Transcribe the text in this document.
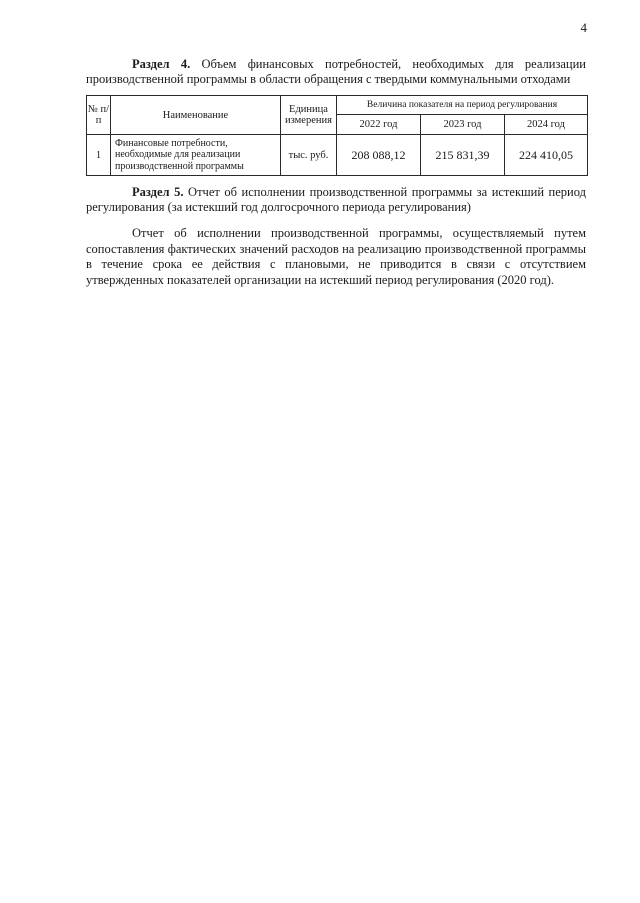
4

Раздел 4. Объем финансовых потребностей, необходимых для реализации производственной программы в области обращения с твердыми коммунальными отходами

№ п/п	Наименование	Единица измерения	Величина показателя на период регулирования		
			2022 год	2023 год	2024 год
1	Финансовые потребности, необходимые для реализации производственной программы	тыс. руб.	208 088,12	215 831,39	224 410,05

Раздел 5. Отчет об исполнении производственной программы за истекший период регулирования (за истекший год долгосрочного периода регулирования)

Отчет об исполнении производственной программы, осуществляемый путем сопоставления фактических значений расходов на реализацию производственной программы в течение срока ее действия с плановыми, не приводится в связи с отсутствием утвержденных показателей организации на истекший период регулирования (2020 год).
